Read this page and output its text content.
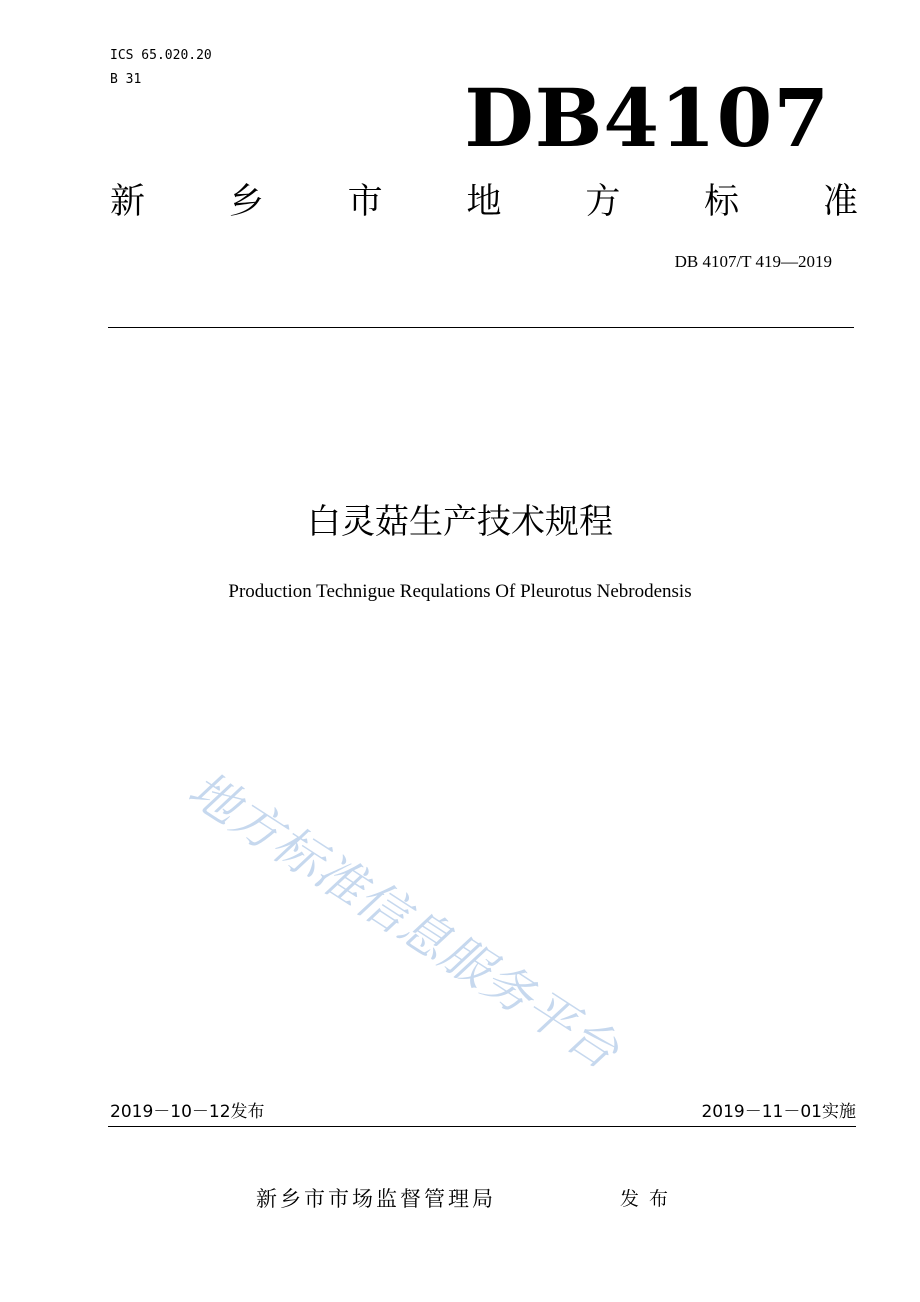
ICS 65.020.20
B 31	DB4107
新 乡 市 地 方 标 准
DB 4107/T 419—2019
白灵菇生产技术规程
Production Technigue Requlations Of Pleurotus Nebrodensis
地方标准信息服务平台
2019－10－12发布	2019－11－01实施
新乡市市场监督管理局	发布
